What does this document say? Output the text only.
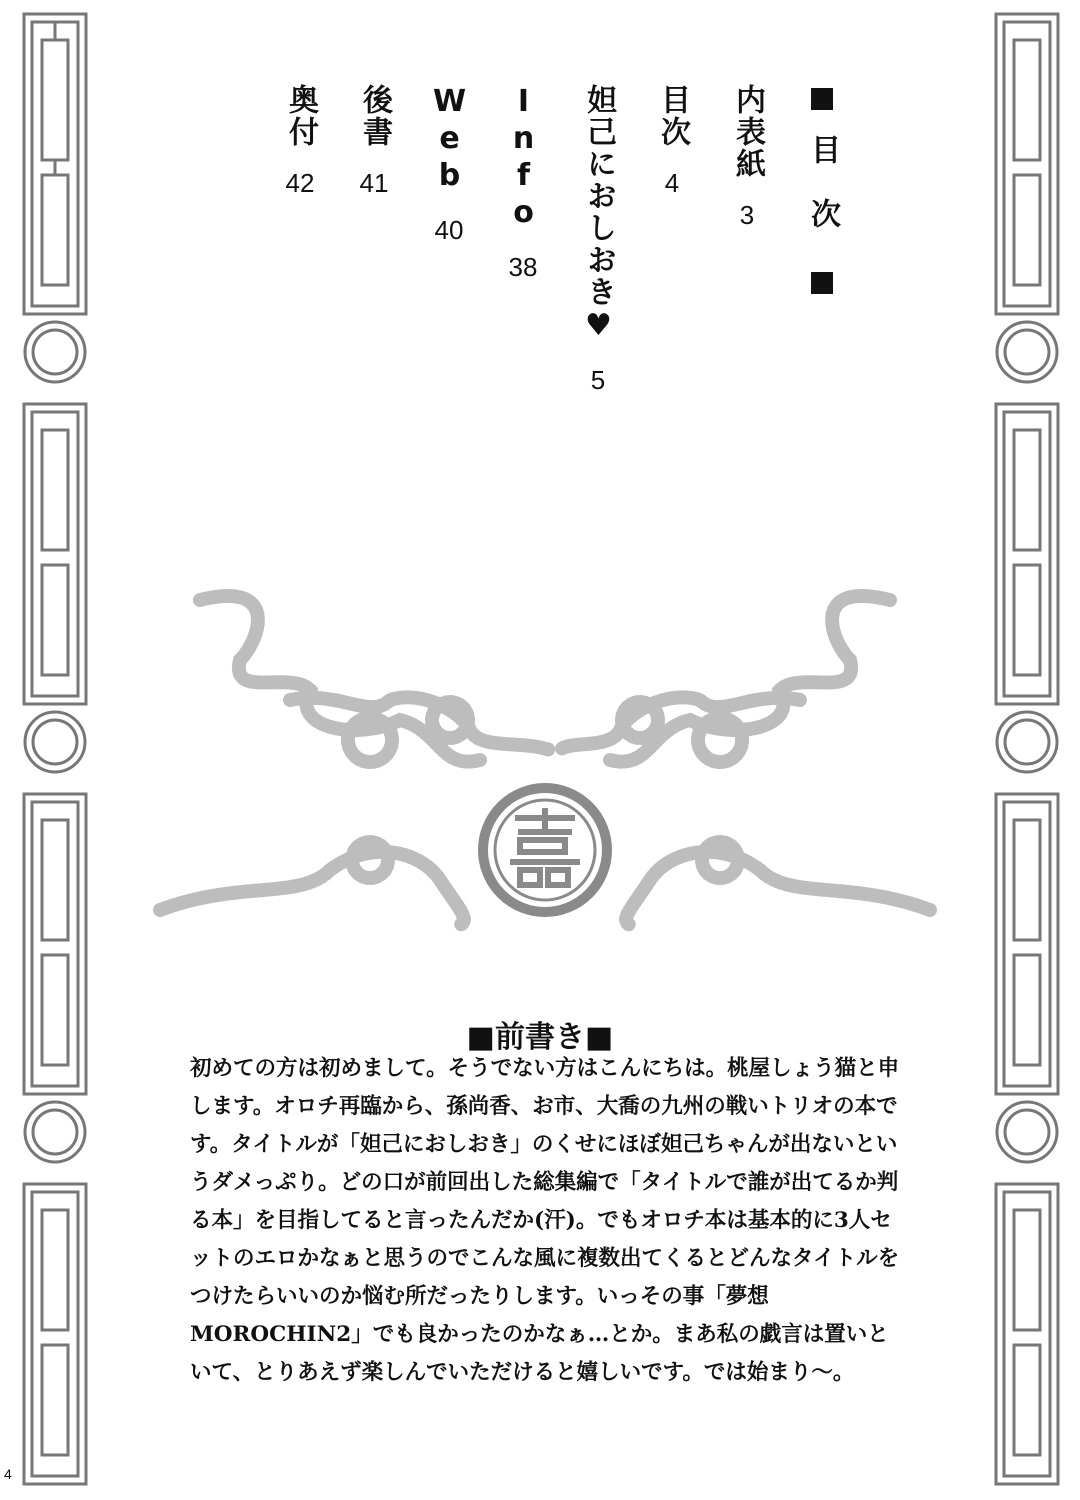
目次
内表紙
3
目次
4
妲己におしおき♥
5
Info
38
Web
40
後書
41
奥付
42
■前書き■
初めての方は初めまして。そうでない方はこんにちは。桃屋しょう猫と申します。オロチ再臨から、孫尚香、お市、大喬の九州の戦いトリオの本です。タイトルが「妲己におしおき」のくせにほぼ妲己ちゃんが出ないというダメっぷり。どの口が前回出した総集編で「タイトルで誰が出てるか判る本」を目指してると言ったんだか(汗)。でもオロチ本は基本的に3人セットのエロかなぁと思うのでこんな風に複数出てくるとどんなタイトルをつけたらいいのか悩む所だったりします。いっその事「夢想MOROCHIN2」でも良かったのかなぁ…とか。まあ私の戯言は置いといて、とりあえず楽しんでいただけると嬉しいです。では始まり〜。
4
